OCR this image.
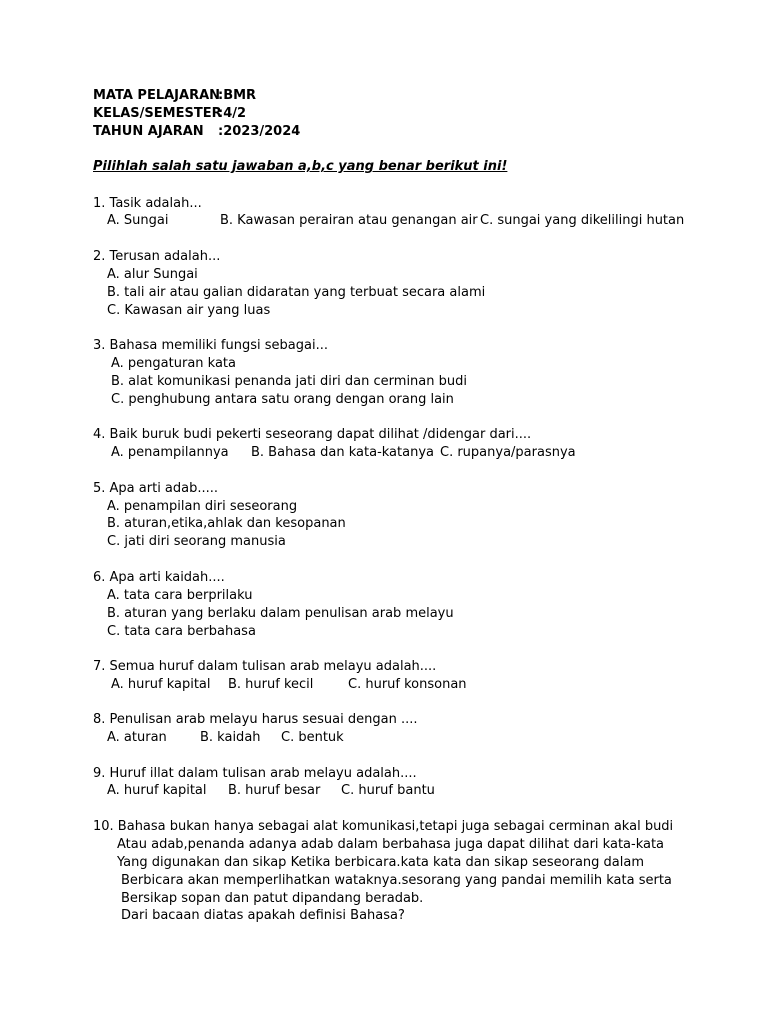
MATA PELAJARAN
:BMR
KELAS/SEMESTER
:4/2
TAHUN AJARAN :2023/2024
Pilihlah salah satu jawaban a,b,c yang benar berikut ini!
1. Tasik adalah...
A. Sungai	B. Kawasan perairan atau genangan air C. sungai yang dikelilingi hutan
2. Terusan adalah...
A. alur Sungai
B. tali air atau galian didaratan yang terbuat secara alami
C. Kawasan air yang luas
3. Bahasa memiliki fungsi sebagai...
A. pengaturan kata
B. alat komunikasi penanda jati diri dan cerminan budi
C. penghubung antara satu orang dengan orang lain
4. Baik buruk budi pekerti seseorang dapat dilihat /didengar dari....
A. penampilannya B. Bahasa dan kata-katanya C. rupanya/parasnya
5. Apa arti adab.....
A. penampilan diri seseorang
B. aturan,etika,ahlak dan kesopanan
C. jati diri seorang manusia
6. Apa arti kaidah....
A. tata cara berprilaku
B. aturan yang berlaku dalam penulisan arab melayu
C. tata cara berbahasa
7. Semua huruf dalam tulisan arab melayu adalah....
A. huruf kapital B. huruf kecil	C. huruf konsonan
8. Penulisan arab melayu harus sesuai dengan ....
A. aturan	B. kaidah C. bentuk
9. Huruf illat dalam tulisan arab melayu adalah....
A. huruf kapital B. huruf besar C. huruf bantu
10. Bahasa bukan hanya sebagai alat komunikasi,tetapi juga sebagai cerminan akal budi
Atau adab,penanda adanya adab dalam berbahasa juga dapat dilihat dari kata-kata
Yang digunakan dan sikap Ketika berbicara.kata kata dan sikap seseorang dalam
Berbicara akan memperlihatkan wataknya.sesorang yang pandai memilih kata serta
Bersikap sopan dan patut dipandang beradab.
Dari bacaan diatas apakah definisi Bahasa?
